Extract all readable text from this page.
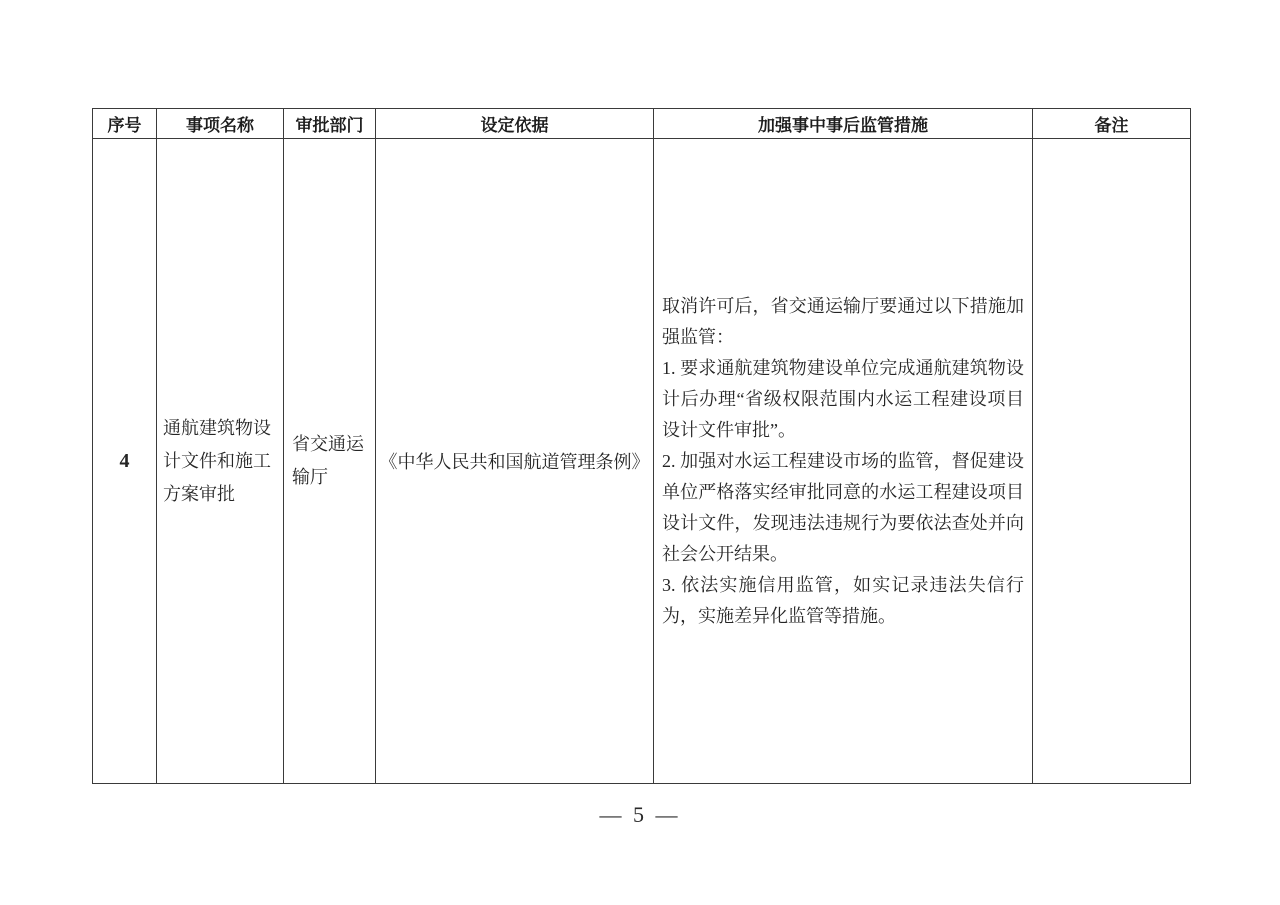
序号	事项名称	审批部门	设定依据	加强事中事后监管措施	备注
4	通航建筑物设计文件和施工方案审批	省交通运输厅	《中华人民共和国航道管理条例》	取消许可后，省交通运输厅要通过以下措施加强监管：

1. 要求通航建筑物建设单位完成通航建筑物设计后办理“省级权限范围内水运工程建设项目设计文件审批”。

2. 加强对水运工程建设市场的监管，督促建设单位严格落实经审批同意的水运工程建设项目设计文件，发现违法违规行为要依法查处并向社会公开结果。

3. 依法实施信用监管，如实记录违法失信行为，实施差异化监管等措施。	

— 5 —
